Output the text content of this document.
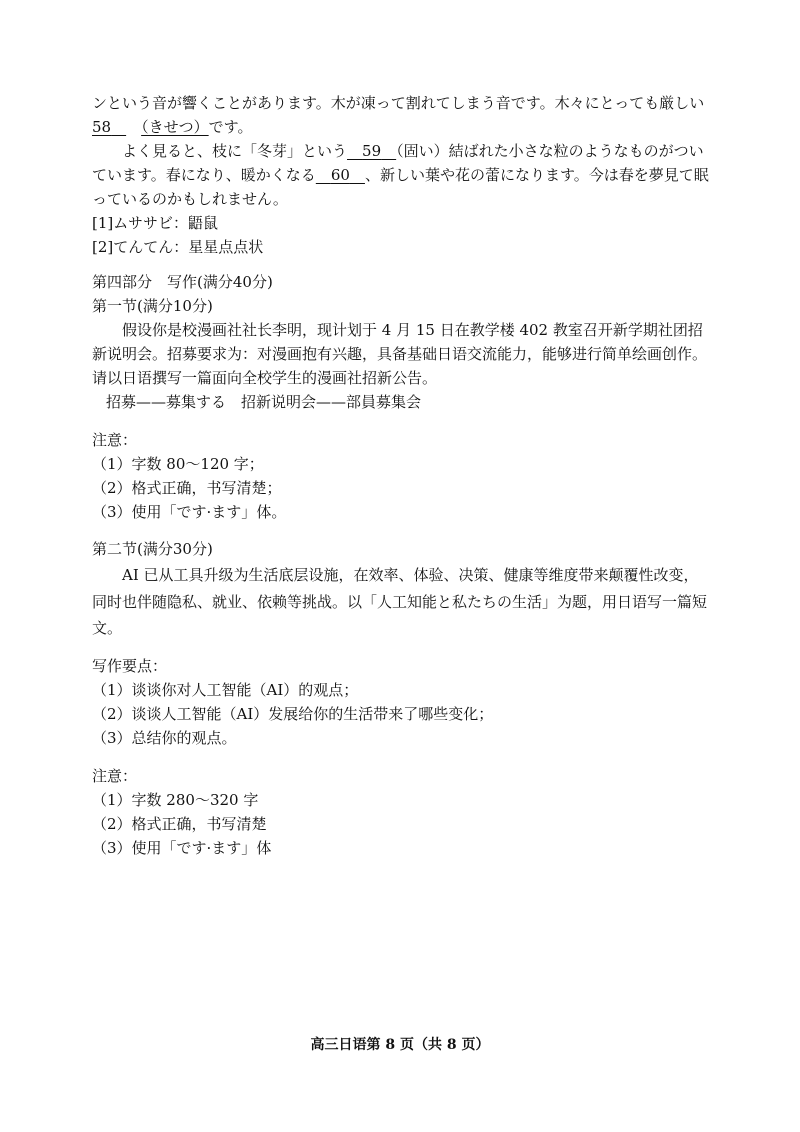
ンという音が響くことがあります。木が凍って割れてしまう音です。木々にとっても厳しい
58　　 （きせつ）です。
よく見ると、枝に「冬芽」という　 59　 （固い）結ばれた小さな粒のようなものがつい
ています。春になり、暖かくなる　 60　 、新しい葉や花の蕾になります。今は春を夢見て眠
っているのかもしれません。
[1]ムササビ：鼯鼠
[2]てんてん：星星点点状
第四部分　写作(满分40分)
第一节(满分10分)
假设你是校漫画社社长李明，现计划于 4 月 15 日在教学楼 402 教室召开新学期社团招
新说明会。招募要求为：对漫画抱有兴趣，具备基础日语交流能力，能够进行简单绘画创作。
请以日语撰写一篇面向全校学生的漫画社招新公告。
招募——募集する　招新说明会——部員募集会
注意：
（1）字数 80～120 字；
（2）格式正确，书写清楚；
（3）使用「です·ます」体。
第二节(满分30分)
AI 已从工具升级为生活底层设施，在效率、体验、决策、健康等维度带来颠覆性改变，
同时也伴随隐私、就业、依赖等挑战。以「人工知能と私たちの生活」为题，用日语写一篇短
文。
写作要点：
（1）谈谈你对人工智能（AI）的观点；
（2）谈谈人工智能（AI）发展给你的生活带来了哪些变化；
（3）总结你的观点。
注意：
（1）字数 280～320 字
（2）格式正确，书写清楚
（3）使用「です·ます」体
高三日语第 8 页（共 8 页）
